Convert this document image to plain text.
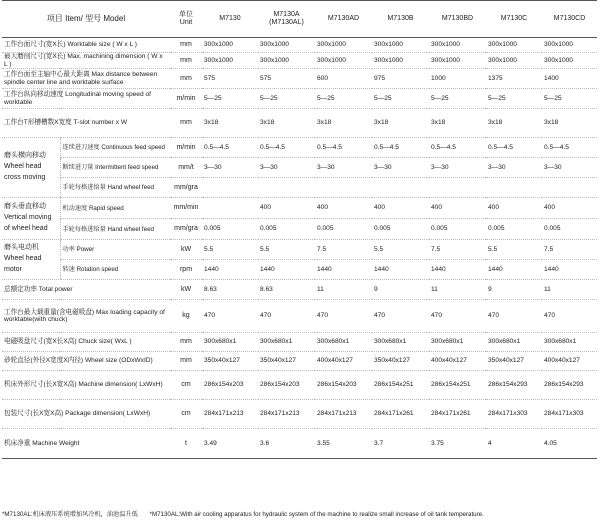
项目 Item/ 型号 Model		单位 Unit	M7130	M7130A (M7130AL)	M7130AD	M7130B	M7130BD	M7130C	M7130CD
工作台面尺寸(宽X长) Worktable size ( W x L )		mm	300x1000	300x1000	300x1000	300x1000	300x1000	300x1000	300x1000
最大磨削尺寸(宽X长) Max. machining dimension ( W x L )		mm	300x1000	300x1000	300x1000	300x1000	300x1000	300x1000	300x1000
工作台面至主轴中心最大距离 Max distance between spindle center line and worktable surface		mm	575	575	600	975	1000	1375	1400
工作台纵向移动速度 Longitudinal moving speed of worktable		m/min	5—25	5—25	5—25	5—25	5—25	5—25	5—25
工作台T形槽槽数X宽度 T-slot number x W		mm	3x18	3x18	3x18	3x18	3x18	3x18	3x18
磨头横向移动 Wheel head cross moving	连续进刀速度 Continuous feed speed	m/min	0.5—4.5	0.5—4.5	0.5—4.5	0.5—4.5	0.5—4.5	0.5—4.5	0.5—4.5
	断续进刀量 Intermittent feed speed	mm/t	3—30	3—30	3—30	3—30	3—30	3—30	3—30
	手轮每格进给量 Hand wheel feed	mm/gra							
磨头垂直移动 Vertical moving of wheel head	机动速度 Rapid speed	mm/min		400	400	400	400	400	400
	手轮每格进给量 Hand wheel feed	mm/gra	0.005	0.005	0.005	0.005	0.005	0.005	0.005
磨头电动机 Wheel head motor	功率 Power	kW	5.5	5.5	7.5	5.5	7.5	5.5	7.5
	转速 Rotation speed	rpm	1440	1440	1440	1440	1440	1440	1440
总额定功率 Total power		kW	8.63	8.63	11	9	11	9	11
工作台最大载重量(含电磁吸盘) Max loading capacity of worktable(with chuck)		kg	470	470	470	470	470	470	470
电磁吸盘尺寸(宽X长X高) Chuck size( WxL )		mm	300x680x1	300x680x1	300x680x1	300x680x1	300x680x1	300x680x1	300x680x1
砂轮直径(外径X宽度X内径) Wheel size (ODxWxID)		mm	350x40x127	350x40x127	400x40x127	350x40x127	400x40x127	350x40x127	400x40x127
机床外形尺寸(长X宽X高) Machine dimension( LxWxH)		cm	286x154x203	286x154x203	286x154x203	286x154x251	286x154x251	286x154x293	286x154x293
包装尺寸(长X宽X高) Package dimension( LxWxH)		cm	284x171x213	284x171x213	284x171x213	284x171x261	284x171x261	284x171x303	284x171x303
机床净重 Machine Weight		t	3.49	3.6	3.55	3.7	3.75	4	4.05
*M7130AL:机床液压系统增加风冷机，油池温升低 *M7130AL:With air cooling apparatus for hydraulic system of the machine to realize small increase of oil tank temperature.
